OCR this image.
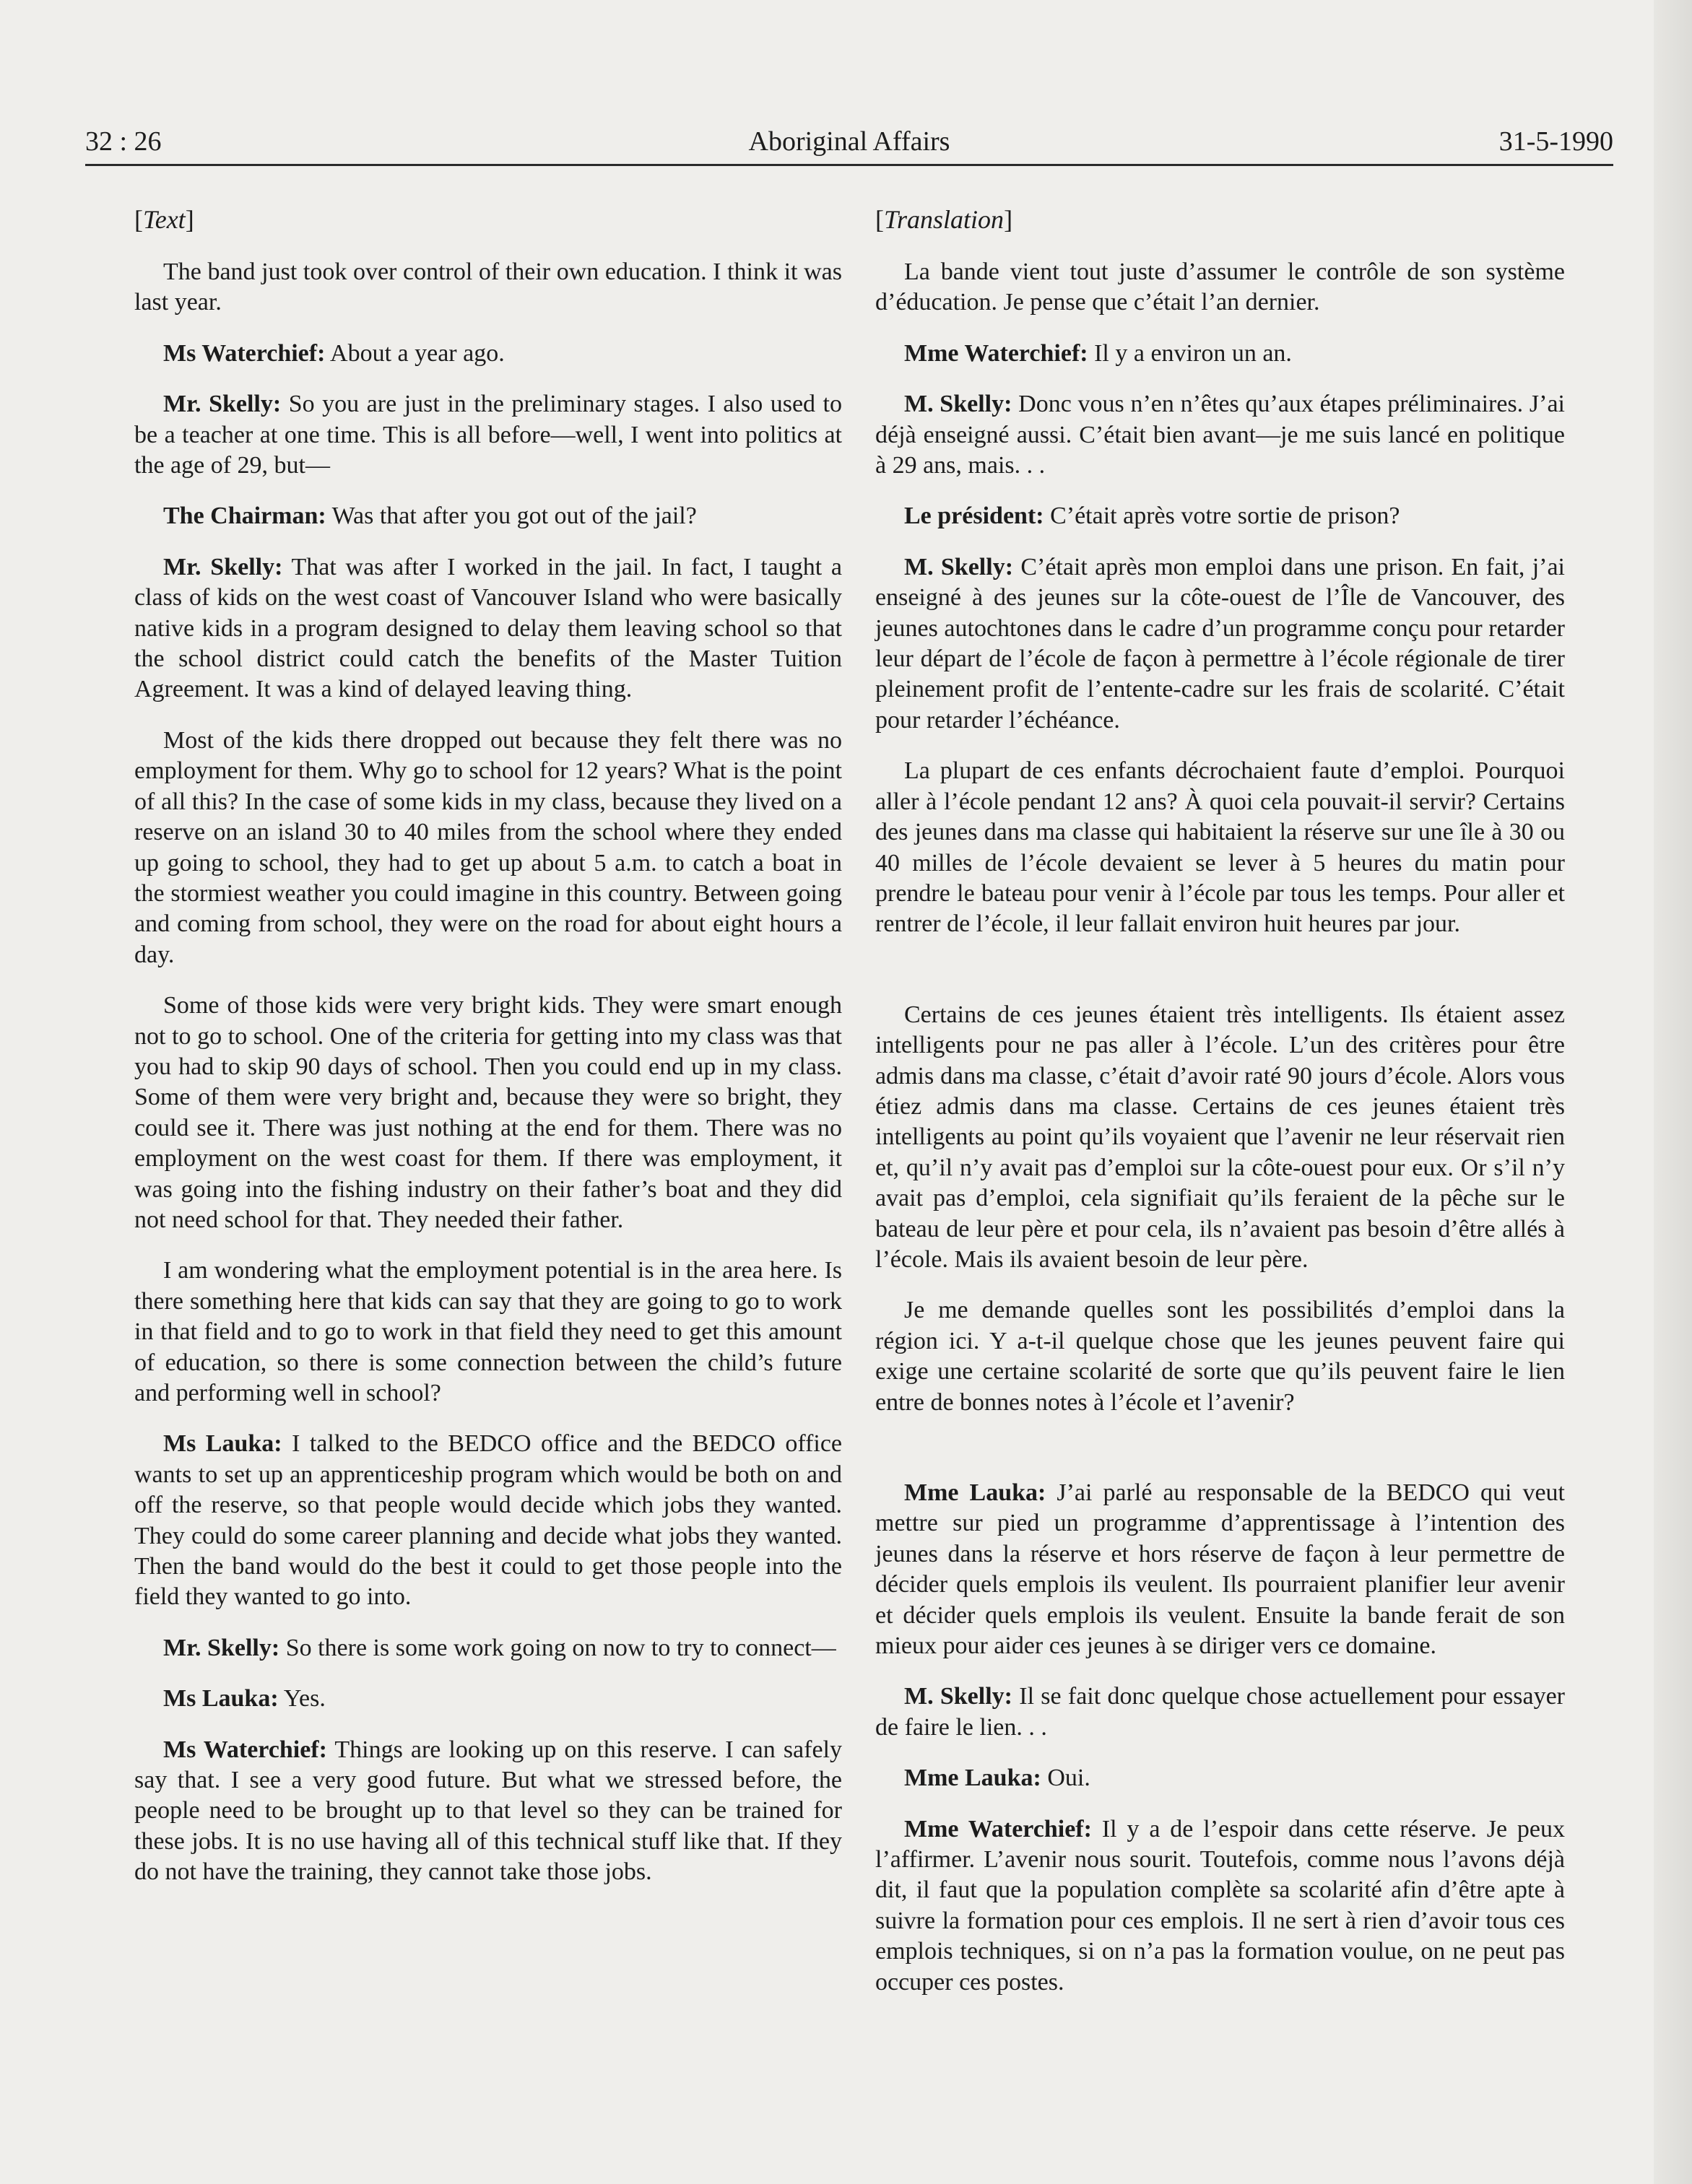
32 : 26	Aboriginal Affairs	31-5-1990
[Text]

The band just took over control of their own education. I think it was last year.

Ms Waterchief: About a year ago.

Mr. Skelly: So you are just in the preliminary stages. I also used to be a teacher at one time. This is all before—well, I went into politics at the age of 29, but—

The Chairman: Was that after you got out of the jail?

Mr. Skelly: That was after I worked in the jail. In fact, I taught a class of kids on the west coast of Vancouver Island who were basically native kids in a program designed to delay them leaving school so that the school district could catch the benefits of the Master Tuition Agreement. It was a kind of delayed leaving thing.

Most of the kids there dropped out because they felt there was no employment for them. Why go to school for 12 years? What is the point of all this? In the case of some kids in my class, because they lived on a reserve on an island 30 to 40 miles from the school where they ended up going to school, they had to get up about 5 a.m. to catch a boat in the stormiest weather you could imagine in this country. Between going and coming from school, they were on the road for about eight hours a day.

Some of those kids were very bright kids. They were smart enough not to go to school. One of the criteria for getting into my class was that you had to skip 90 days of school. Then you could end up in my class. Some of them were very bright and, because they were so bright, they could see it. There was just nothing at the end for them. There was no employment on the west coast for them. If there was employment, it was going into the fishing industry on their father’s boat and they did not need school for that. They needed their father.

I am wondering what the employment potential is in the area here. Is there something here that kids can say that they are going to go to work in that field and to go to work in that field they need to get this amount of education, so there is some connection between the child’s future and performing well in school?

Ms Lauka: I talked to the BEDCO office and the BEDCO office wants to set up an apprenticeship program which would be both on and off the reserve, so that people would decide which jobs they wanted. They could do some career planning and decide what jobs they wanted. Then the band would do the best it could to get those people into the field they wanted to go into.

Mr. Skelly: So there is some work going on now to try to connect—

Ms Lauka: Yes.

Ms Waterchief: Things are looking up on this reserve. I can safely say that. I see a very good future. But what we stressed before, the people need to be brought up to that level so they can be trained for these jobs. It is no use having all of this technical stuff like that. If they do not have the training, they cannot take those jobs.

[Translation]

La bande vient tout juste d’assumer le contrôle de son système d’éducation. Je pense que c’était l’an dernier.

Mme Waterchief: Il y a environ un an.

M. Skelly: Donc vous n’en n’êtes qu’aux étapes préliminaires. J’ai déjà enseigné aussi. C’était bien avant—je me suis lancé en politique à 29 ans, mais. . .

Le président: C’était après votre sortie de prison?

M. Skelly: C’était après mon emploi dans une prison. En fait, j’ai enseigné à des jeunes sur la côte-ouest de l’Île de Vancouver, des jeunes autochtones dans le cadre d’un programme conçu pour retarder leur départ de l’école de façon à permettre à l’école régionale de tirer pleinement profit de l’entente-cadre sur les frais de scolarité. C’était pour retarder l’échéance.

La plupart de ces enfants décrochaient faute d’emploi. Pourquoi aller à l’école pendant 12 ans? À quoi cela pouvait-il servir? Certains des jeunes dans ma classe qui habitaient la réserve sur une île à 30 ou 40 milles de l’école devaient se lever à 5 heures du matin pour prendre le bateau pour venir à l’école par tous les temps. Pour aller et rentrer de l’école, il leur fallait environ huit heures par jour.

Certains de ces jeunes étaient très intelligents. Ils étaient assez intelligents pour ne pas aller à l’école. L’un des critères pour être admis dans ma classe, c’était d’avoir raté 90 jours d’école. Alors vous étiez admis dans ma classe. Certains de ces jeunes étaient très intelligents au point qu’ils voyaient que l’avenir ne leur réservait rien et, qu’il n’y avait pas d’emploi sur la côte-ouest pour eux. Or s’il n’y avait pas d’emploi, cela signifiait qu’ils feraient de la pêche sur le bateau de leur père et pour cela, ils n’avaient pas besoin d’être allés à l’école. Mais ils avaient besoin de leur père.

Je me demande quelles sont les possibilités d’emploi dans la région ici. Y a-t-il quelque chose que les jeunes peuvent faire qui exige une certaine scolarité de sorte que qu’ils peuvent faire le lien entre de bonnes notes à l’école et l’avenir?

Mme Lauka: J’ai parlé au responsable de la BEDCO qui veut mettre sur pied un programme d’apprentissage à l’intention des jeunes dans la réserve et hors réserve de façon à leur permettre de décider quels emplois ils veulent. Ils pourraient planifier leur avenir et décider quels emplois ils veulent. Ensuite la bande ferait de son mieux pour aider ces jeunes à se diriger vers ce domaine.

M. Skelly: Il se fait donc quelque chose actuellement pour essayer de faire le lien. . .

Mme Lauka: Oui.

Mme Waterchief: Il y a de l’espoir dans cette réserve. Je peux l’affirmer. L’avenir nous sourit. Toutefois, comme nous l’avons déjà dit, il faut que la population complète sa scolarité afin d’être apte à suivre la formation pour ces emplois. Il ne sert à rien d’avoir tous ces emplois techniques, si on n’a pas la formation voulue, on ne peut pas occuper ces postes.
